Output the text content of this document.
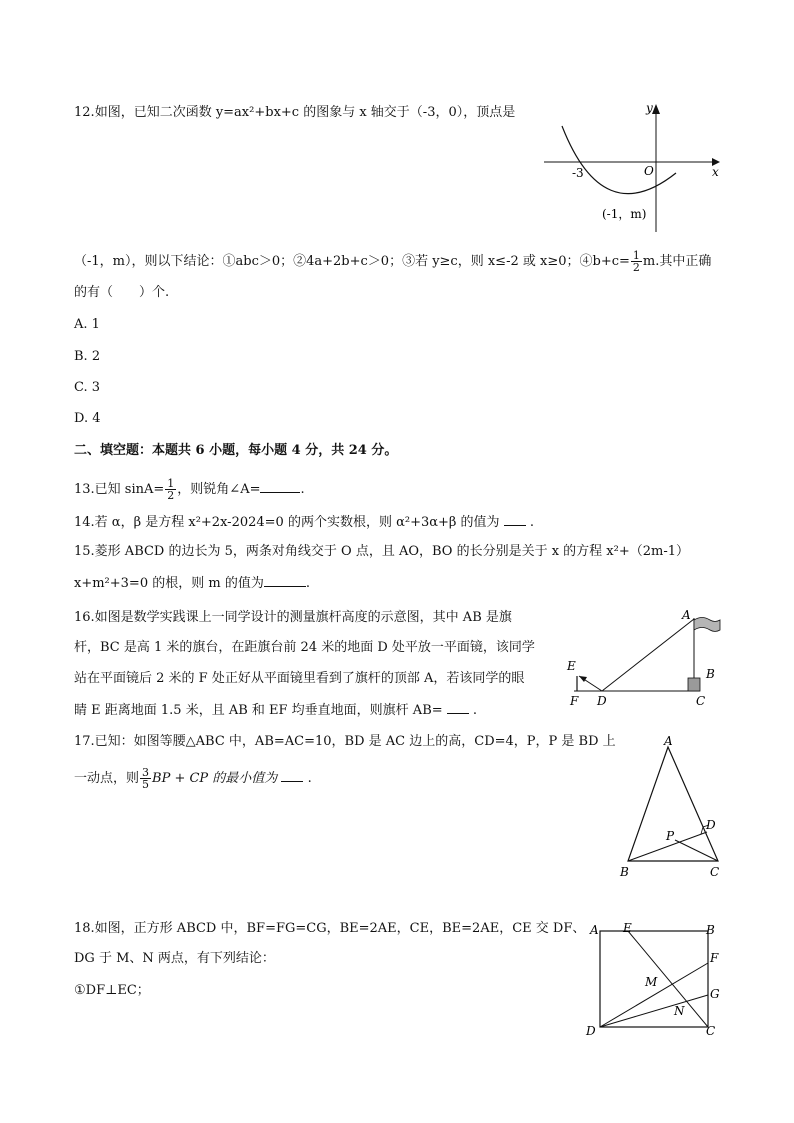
12.如图，已知二次函数 y=ax²+bx+c 的图象与 x 轴交于（-3，0），顶点是	y
x
O
-3
(-1，m)
（-1，m），则以下结论：①abc＞0；②4a+2b+c＞0；③若 y≥c，则 x≤-2 或 x≥0；④b+c= $\frac{1}{2} m$.其中正确
的有（　　）个.
A. 1
B. 2
C. 3
D. 4
二、填空题：本题共 6 小题，每小题 4 分，共 24 分。
13.已知 $\sin A= \frac{1}{2}$ ，则锐角∠A=	.
14.若 α，β 是方程 x²+2x-2024=0 的两个实数根，则 α²+3α+β 的值为 .
15.菱形 ABCD 的边长为 5，两条对角线交于 O 点，且 AO，BO 的长分别是关于 x 的方程 x²+（2m-1）
x+m²+3=0 的根，则 m 的值为	.
16.如图是数学实践课上一同学设计的测量旗杆高度的示意图，其中 AB 是旗
杆，BC 是高 1 米的旗台，在距旗台前 24 米的地面 D 处平放一平面镜，该同学
站在平面镜后 2 米的 F 处正好从平面镜里看到了旗杆的顶部 A，若该同学的眼
睛 E 距离地面 1.5 米，且 AB 和 EF 均垂直地面，则旗杆 AB= .
A
B
C
D
E
F
17.已知：如图等腰△ABC 中，AB=AC=10，BD 是 AC 边上的高，CD=4，P，P 是 BD 上
一动点，则 $\frac{3}{5}$ BP + CP 的最小值为 .
A
B	C
D
P
18.如图，正方形 ABCD 中，BF=FG=CG，BE=2AE，CE，BE=2AE，CE 交 DF、
DG 于 M、N 两点，有下列结论：
①DF⊥EC；
A E	B
F
G
C
D
M
N
